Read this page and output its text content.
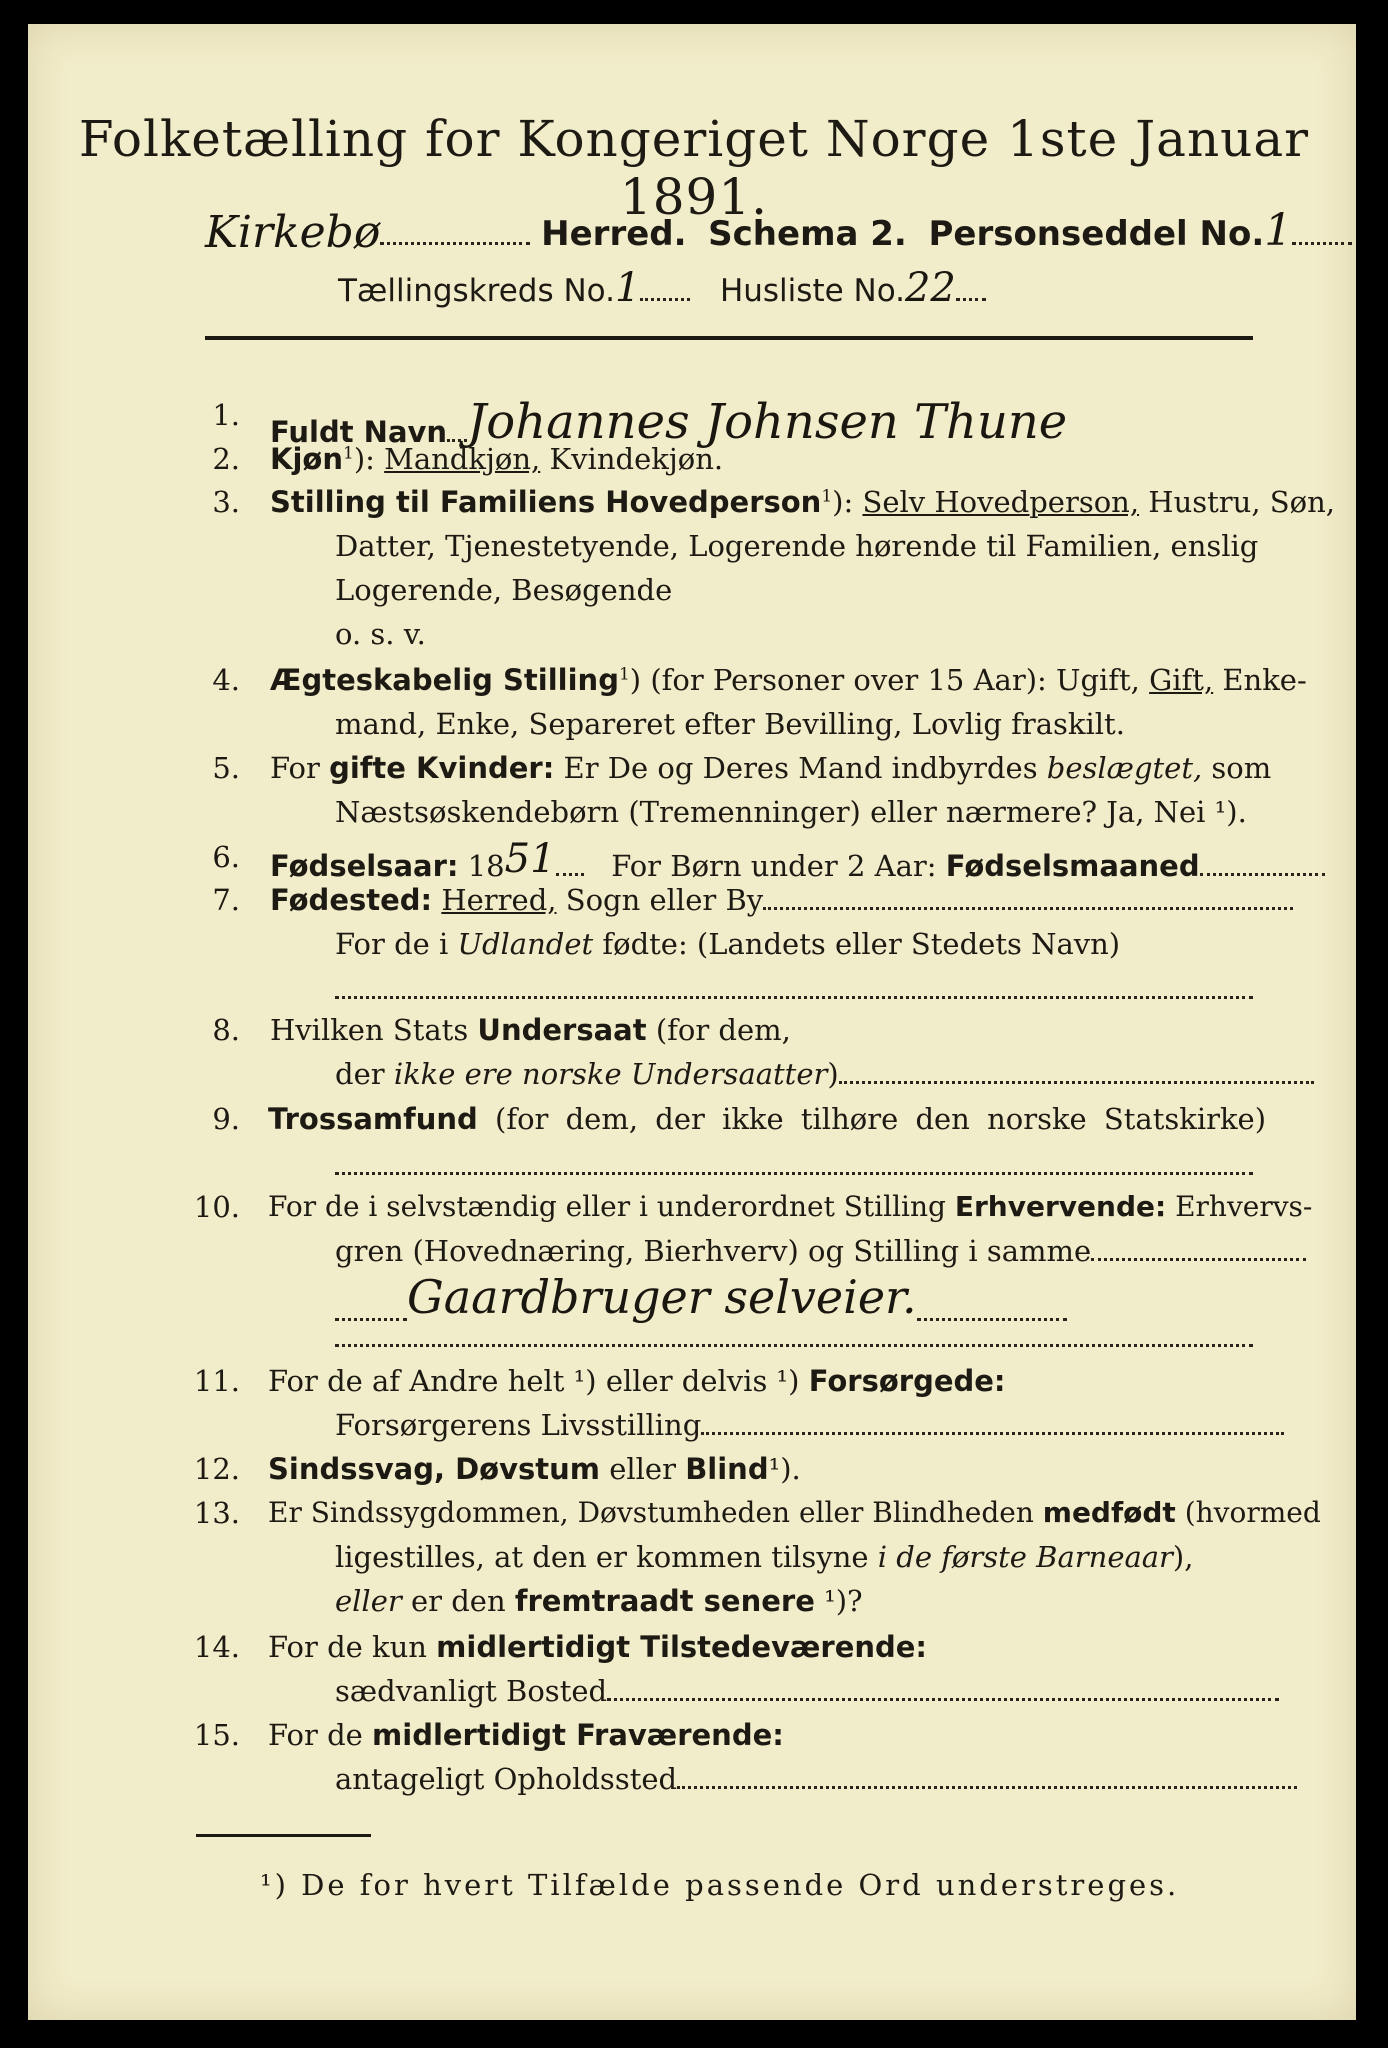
Folketælling for Kongeriget Norge 1ste Januar 1891.
Kirkebø	Herred. Schema 2. Personseddel No.1
Tællingskreds No.1	Husliste No.22
1. Fuldt Navn Johannes Johnsen Thune
2. Kjøn$^1$): Mandkjøn, Kvindekjøn.
3. Stilling til Familiens Hovedperson$^1$): Selv Hovedperson, Hustru, Søn,
Datter, Tjenestetyende, Logerende hørende til Familien, enslig
Logerende, Besøgende
o. s. v.
4. Ægteskabelig Stilling$^1$) (for Personer over 15 Aar): Ugift, Gift, Enke-
mand, Enke, Separeret efter Bevilling, Lovlig fraskilt.
5. For gifte Kvinder: Er De og Deres Mand indbyrdes beslægtet, som
Næstsøskendebørn (Tremenninger) eller nærmere? Ja, Nei ¹).
6. Fødselsaar: 1851 For Børn under 2 Aar: Fødselsmaaned
7. Fødested: Herred, Sogn eller By
For de i Udlandet fødte: (Landets eller Stedets Navn)
8. Hvilken Stats Undersaat (for dem,
der ikke ere norske Undersaatter)
9. Trossamfund (for dem, der ikke tilhøre den norske Statskirke)
10. For de i selvstændig eller i underordnet Stilling Erhvervende: Erhvervs-
gren (Hovednæring, Bierhverv) og Stilling i samme
Gaardbruger selveier.
11. For de af Andre helt ¹) eller delvis ¹) Forsørgede:
Forsørgerens Livsstilling
12. Sindssvag, Døvstum eller Blind¹).
13. Er Sindssygdommen, Døvstumheden eller Blindheden medfødt (hvormed
ligestilles, at den er kommen tilsyne i de første Barneaar),
eller er den fremtraadt senere ¹)?
14. For de kun midlertidigt Tilstedeværende:
sædvanligt Bosted
15. For de midlertidigt Fraværende:
antageligt Opholdssted
¹) De for hvert Tilfælde passende Ord understreges.
